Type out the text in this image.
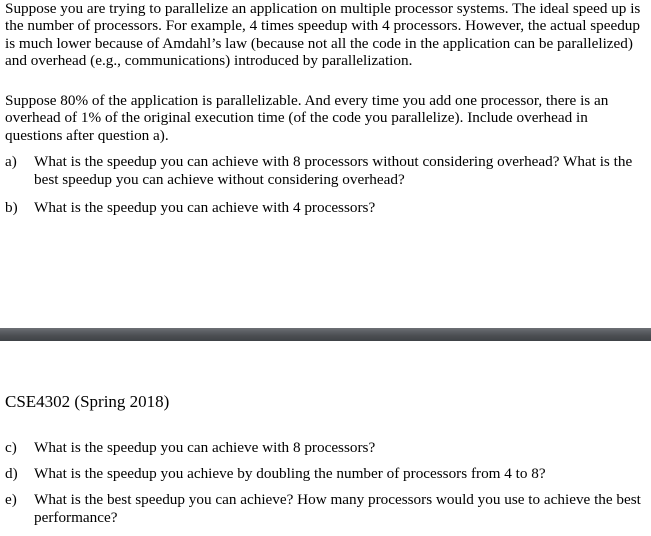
Suppose you are trying to parallelize an application on multiple processor systems. The ideal speed up is the number of processors. For example, 4 times speedup with 4 processors. However, the actual speedup is much lower because of Amdahl’s law (because not all the code in the application can be parallelized) and overhead (e.g., communications) introduced by parallelization.

Suppose 80% of the application is parallelizable. And every time you add one processor, there is an overhead of 1% of the original execution time (of the code you parallelize). Include overhead in questions after question a).

a)	What is the speedup you can achieve with 8 processors without considering overhead? What is the best speedup you can achieve without considering overhead?
b)	What is the speedup you can achieve with 4 processors?
CSE4302 (Spring 2018)
c)	What is the speedup you can achieve with 8 processors?
d)	What is the speedup you achieve by doubling the number of processors from 4 to 8?
e)	What is the best speedup you can achieve? How many processors would you use to achieve the best performance?
